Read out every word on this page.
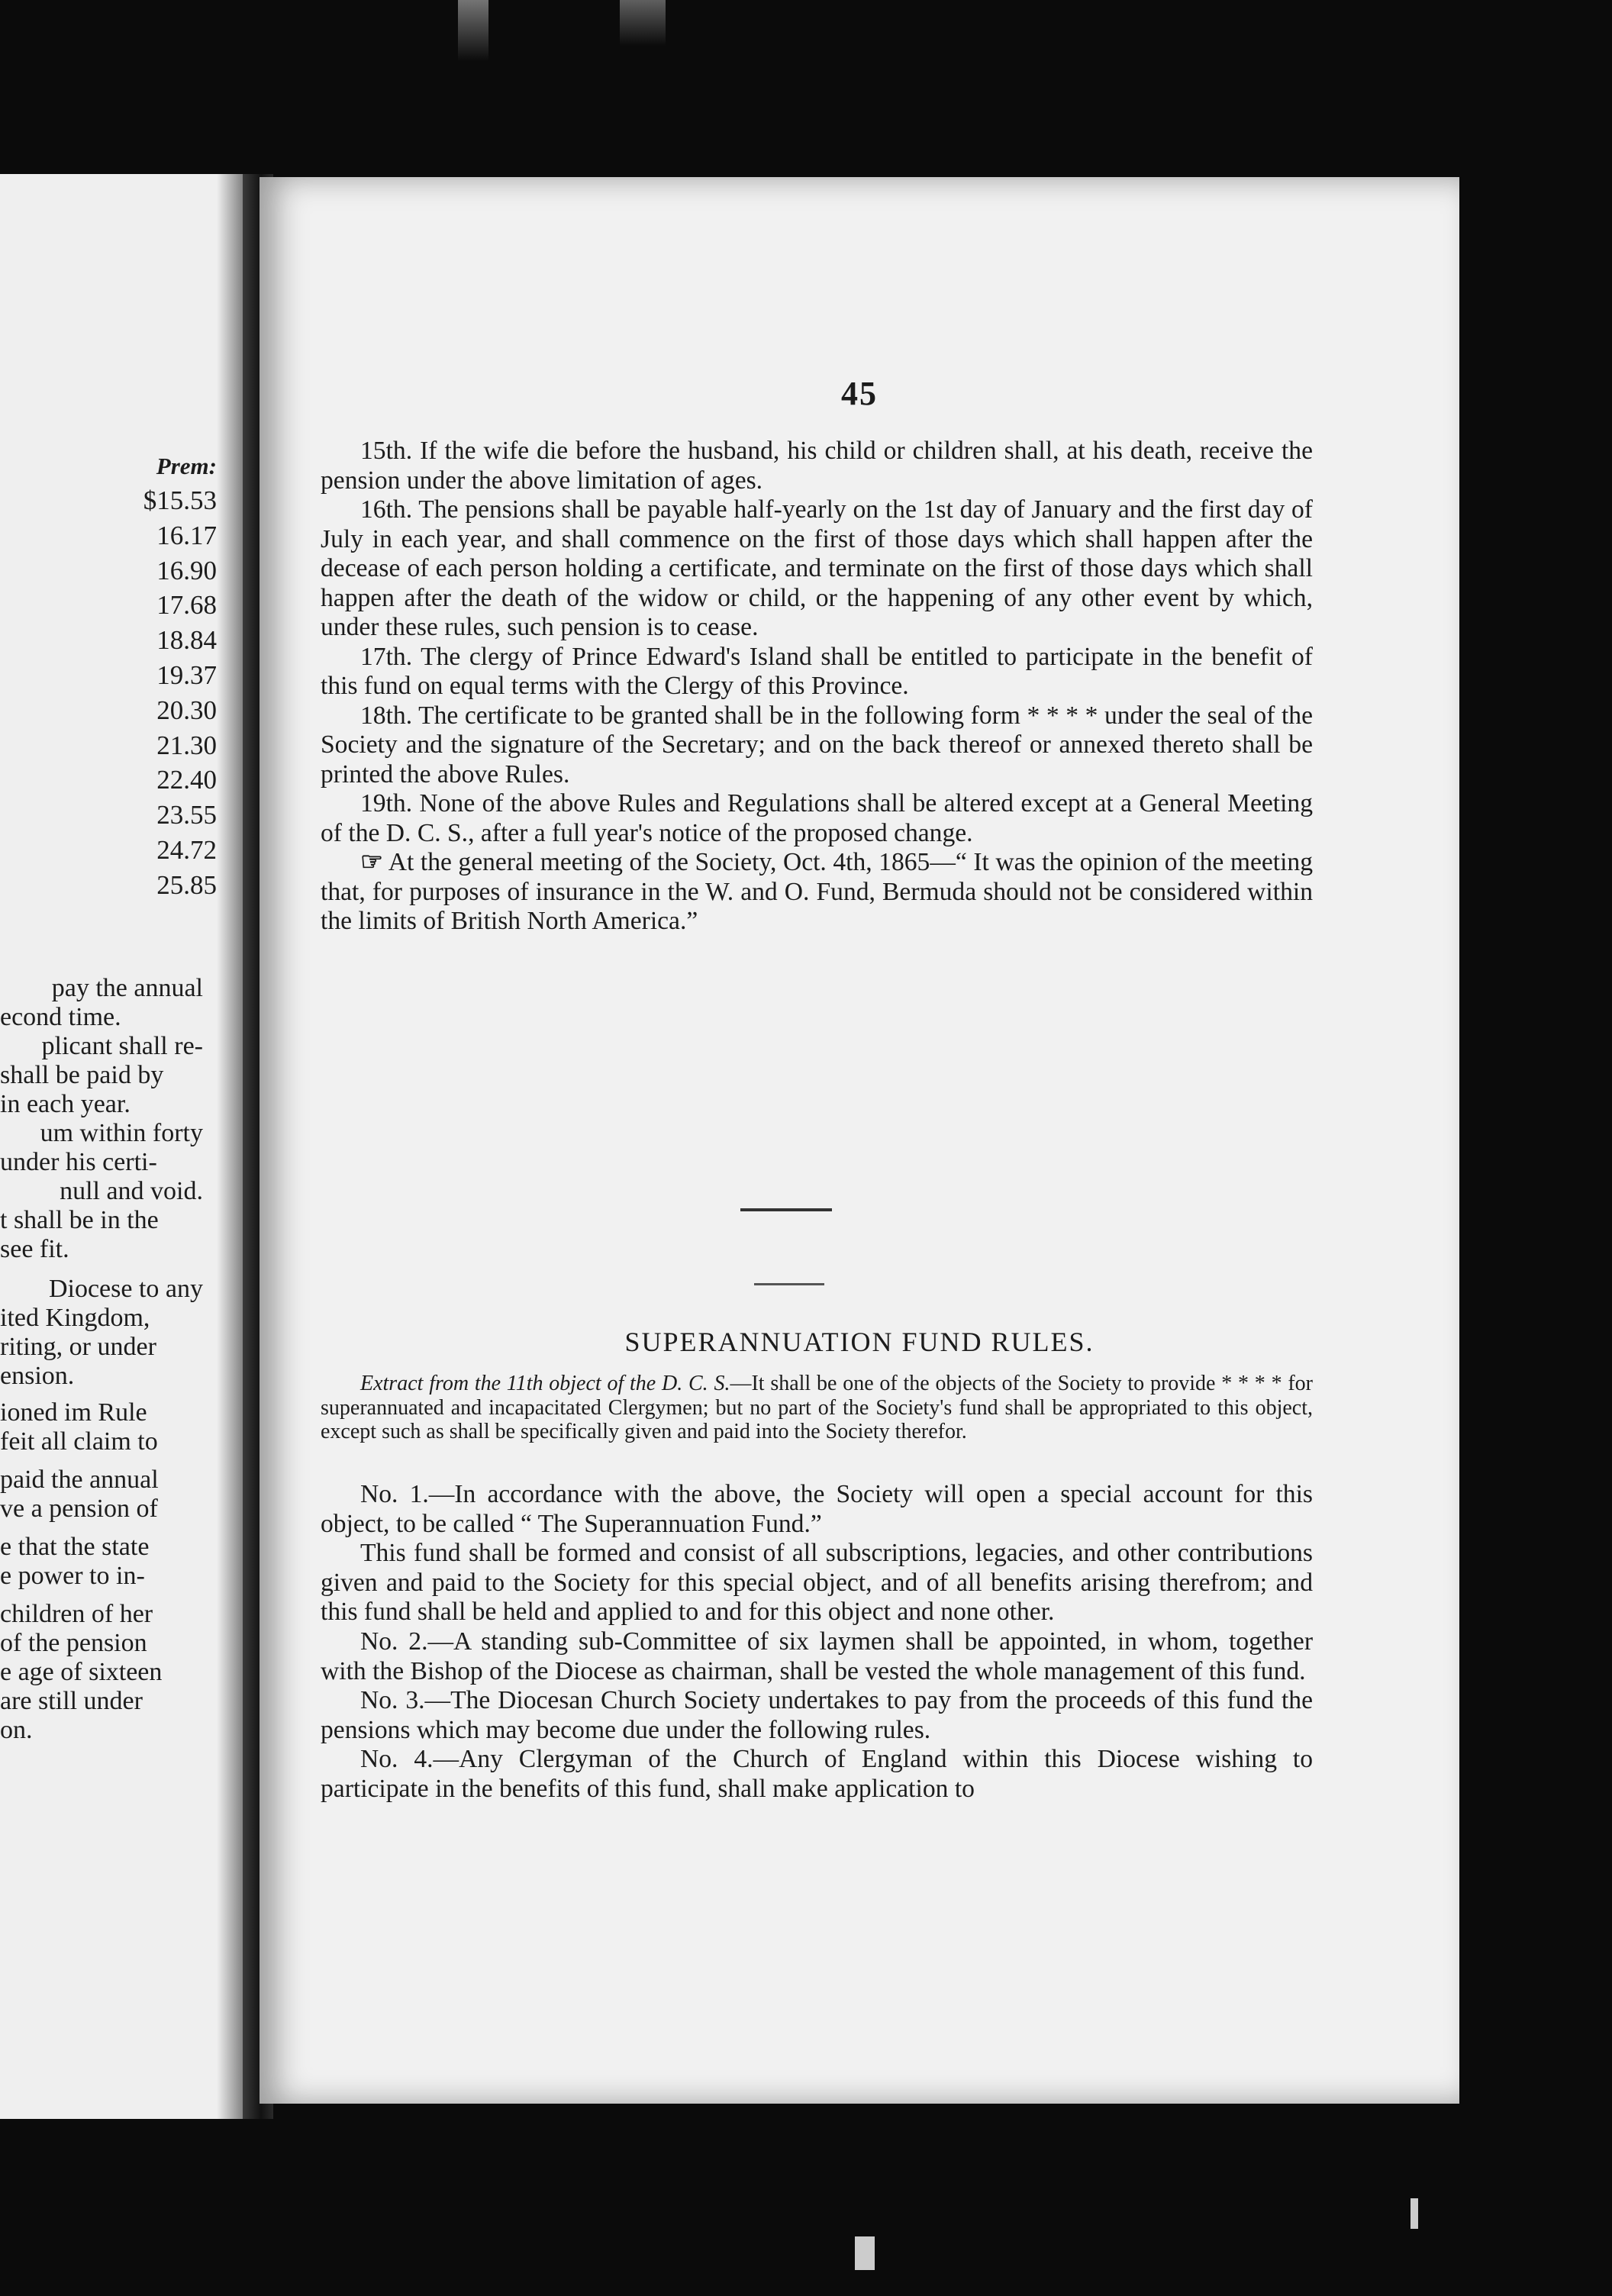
Prem:
$15.53
16.17
16.90
17.68
18.84
19.37
20.30
21.30
22.40
23.55
24.72
25.85
pay the annual
econd time.
plicant shall re-
shall be paid by
in each year.
um within forty
under his certi-
null and void.
t shall be in the
see fit.
Diocese to any
ited Kingdom,
riting, or under
ension.
ioned im Rule
feit all claim to
paid the annual
ve a pension of
e that the state
e power to in-
children of her
of the pension
e age of sixteen
are still under
on.
45

15th. If the wife die before the husband, his child or children shall, at his death, receive the pension under the above limitation of ages.

16th. The pensions shall be payable half-yearly on the 1st day of January and the first day of July in each year, and shall commence on the first of those days which shall happen after the decease of each person holding a certificate, and terminate on the first of those days which shall happen after the death of the widow or child, or the happening of any other event by which, under these rules, such pension is to cease.

17th. The clergy of Prince Edward's Island shall be entitled to participate in the benefit of this fund on equal terms with the Clergy of this Province.

18th. The certificate to be granted shall be in the following form * * * * under the seal of the Society and the signature of the Secretary; and on the back thereof or annexed thereto shall be printed the above Rules.

19th. None of the above Rules and Regulations shall be altered except at a General Meeting of the D. C. S., after a full year's notice of the proposed change.

☞ At the general meeting of the Society, Oct. 4th, 1865—“ It was the opinion of the meeting that, for purposes of insurance in the W. and O. Fund, Bermuda should not be considered within the limits of British North America.”

SUPERANNUATION FUND RULES.

Extract from the 11th object of the D. C. S.—It shall be one of the objects of the Society to provide * * * * for superannuated and incapacitated Clergymen; but no part of the Society's fund shall be appropriated to this object, except such as shall be specifically given and paid into the Society therefor.

No. 1.—In accordance with the above, the Society will open a special account for this object, to be called “ The Superannuation Fund.”

This fund shall be formed and consist of all subscriptions, legacies, and other contributions given and paid to the Society for this special object, and of all benefits arising therefrom; and this fund shall be held and applied to and for this object and none other.

No. 2.—A standing sub-Committee of six laymen shall be appointed, in whom, together with the Bishop of the Diocese as chairman, shall be vested the whole management of this fund.

No. 3.—The Diocesan Church Society undertakes to pay from the proceeds of this fund the pensions which may become due under the following rules.

No. 4.—Any Clergyman of the Church of England within this Diocese wishing to participate in the benefits of this fund, shall make application to
